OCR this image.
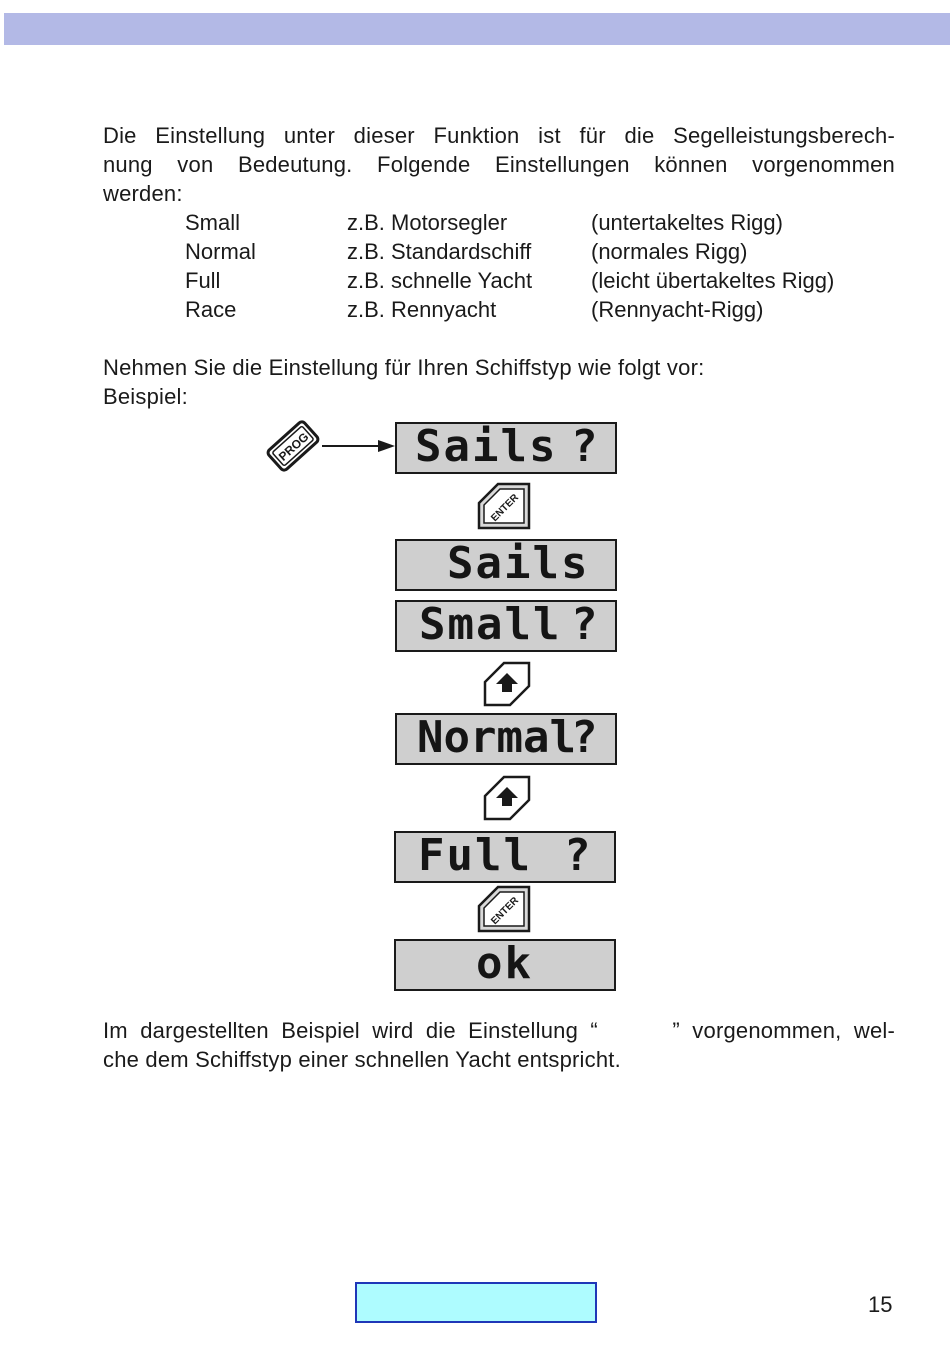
Die Einstellung unter dieser Funktion ist für die Segelleistungsberech-

nung von Bedeutung. Folgende Einstellungen können vorgenommen

werden:

Small	z.B. Motorsegler	(untertakeltes Rigg)
Normal	z.B. Standardschiff	(normales Rigg)
Full	z.B. schnelle Yacht	(leicht übertakeltes Rigg)
Race	z.B. Rennyacht	(Rennyacht-Rigg)

Nehmen Sie die Einstellung für Ihren Schiffstyp wie folgt vor:

Beispiel:

PROG

Sails

?

ENTER

Sails

Small

?

Normal

?

Full

?

ENTER

ok

Im dargestellten Beispiel wird die Einstellung “      ” vorgenommen, wel-

che dem Schiffstyp einer schnellen Yacht entspricht.

15
